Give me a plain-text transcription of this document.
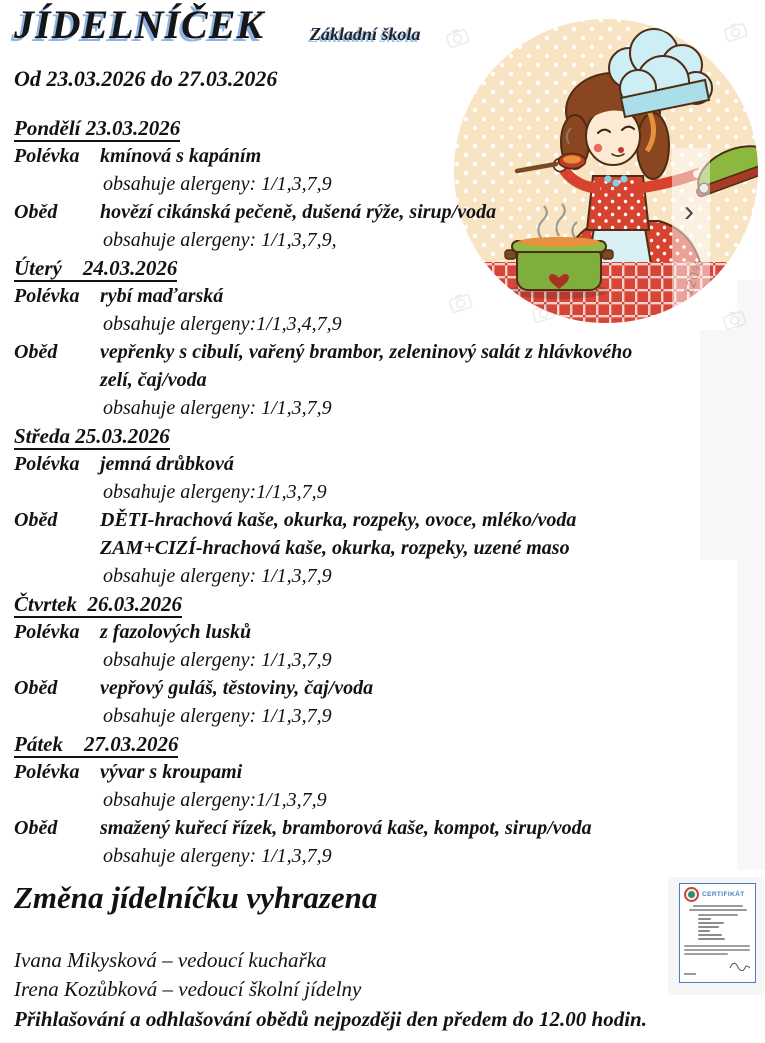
JÍDELNÍČEK	Základní škola
Od 23.03.2026 do 27.03.2026
›
120%
Pondělí 23.03.2026
Polévka	kmínová s kapáním
obsahuje alergeny: 1/1,3,7,9
Oběd	hovězí cikánská pečeně, dušená rýže, sirup/voda
obsahuje alergeny: 1/1,3,7,9,
Úterý    24.03.2026
Polévka	rybí maďarská
obsahuje alergeny:1/1,3,4,7,9
Oběd	vepřenky s cibulí, vařený brambor, zeleninový salát z hlávkového
zelí, čaj/voda
obsahuje alergeny: 1/1,3,7,9
Středa 25.03.2026
Polévka	jemná drůbková
obsahuje alergeny:1/1,3,7,9
Oběd	DĚTI-hrachová kaše, okurka, rozpeky, ovoce, mléko/voda
ZAM+CIZÍ-hrachová kaše, okurka, rozpeky, uzené maso
obsahuje alergeny: 1/1,3,7,9
Čtvrtek  26.03.2026
Polévka	z fazolových lusků
obsahuje alergeny: 1/1,3,7,9
Oběd	vepřový guláš, těstoviny, čaj/voda
obsahuje alergeny: 1/1,3,7,9
Pátek    27.03.2026
Polévka	vývar s kroupami
obsahuje alergeny:1/1,3,7,9
Oběd	smažený kuřecí řízek, bramborová kaše, kompot, sirup/voda
obsahuje alergeny: 1/1,3,7,9
Změna jídelníčku vyhrazena
Ivana Mikysková – vedoucí kuchařka
Irena Kozůbková – vedoucí školní jídelny
Přihlašování a odhlašování obědů nejpozději den předem do 12.00 hodin.
CERTIFIKÁT
